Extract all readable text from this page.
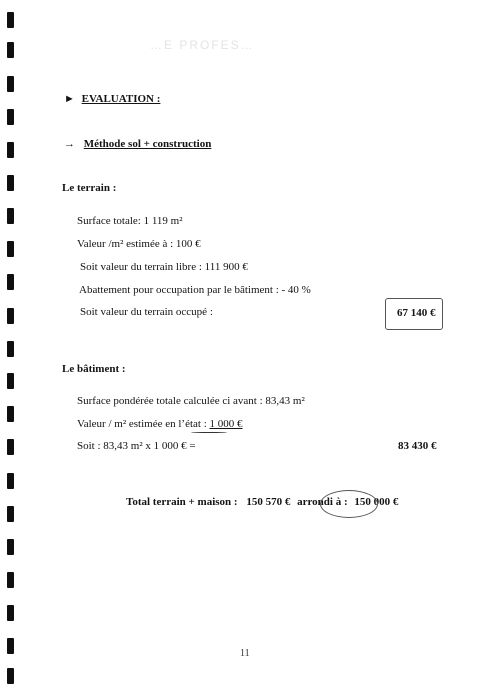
…E PROFES…
► EVALUATION :
→ Méthode sol + construction
Le terrain :
Surface totale: 1 119 m²
Valeur /m² estimée à : 100 €
Soit valeur du terrain libre : 111 900 €
Abattement pour occupation par le bâtiment : - 40 %
Soit valeur du terrain occupé :	67 140 €
Le bâtiment :
Surface pondérée totale calculée ci avant : 83,43 m²
Valeur / m² estimée en l’état : 1 000 €
Soit : 83,43 m² x 1 000 € =	83 430 €
Total terrain + maison : 150 570 € arrondi à : 150 000 €
11
